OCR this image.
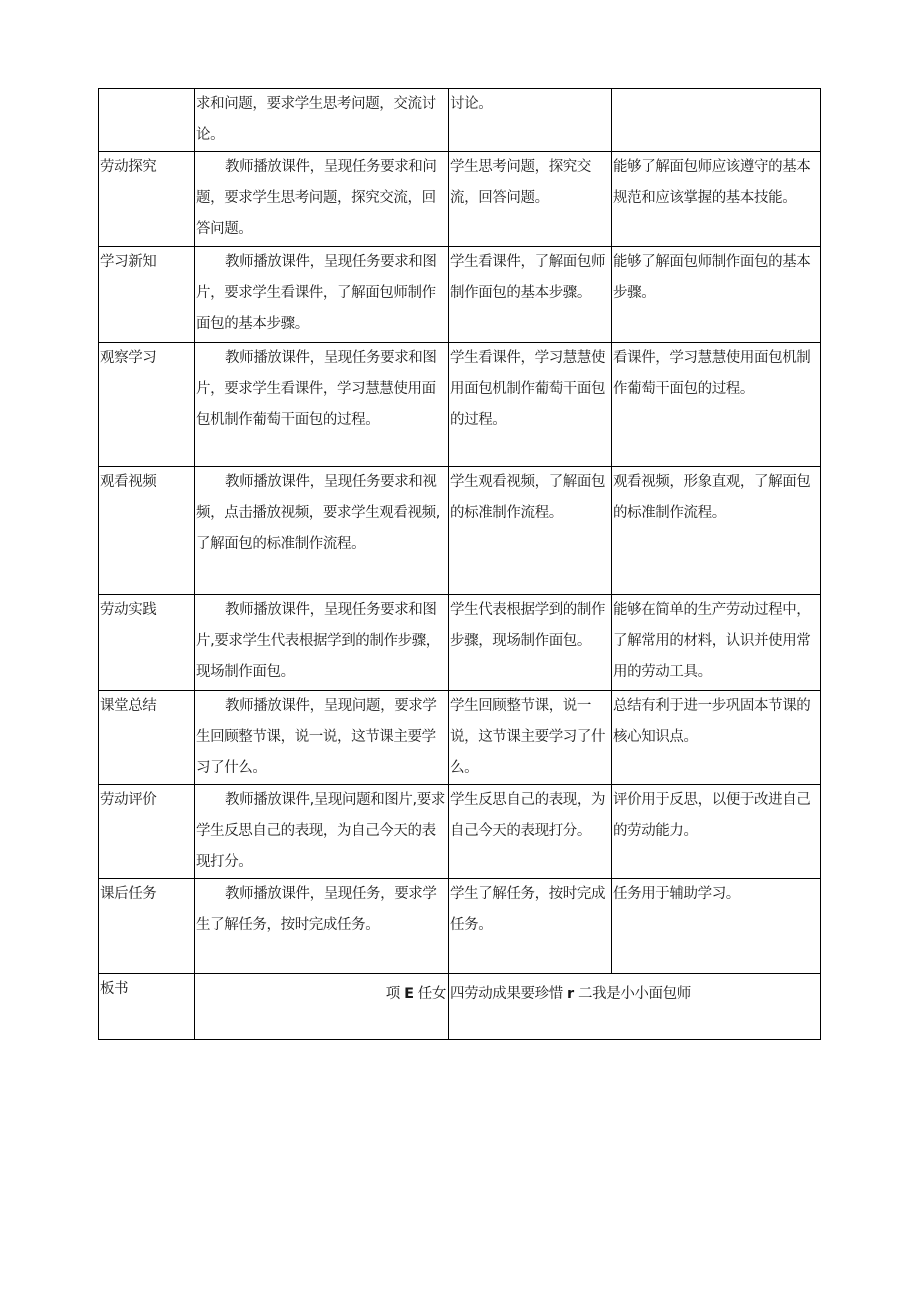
	求和问题，要求学生思考问题，交流讨论。	讨论。	
劳动探究	教师播放课件，呈现任务要求和问题，要求学生思考问题，探究交流，回答问题。	学生思考问题，探究交流，回答问题。	能够了解面包师应该遵守的基本规范和应该掌握的基本技能。
学习新知	教师播放课件，呈现任务要求和图片，要求学生看课件，了解面包师制作面包的基本步骤。	学生看课件，了解面包师制作面包的基本步骤。	能够了解面包师制作面包的基本步骤。
观察学习	教师播放课件，呈现任务要求和图片，要求学生看课件，学习慧慧使用面包机制作葡萄干面包的过程。	学生看课件，学习慧慧使用面包机制作葡萄干面包的过程。	看课件，学习慧慧使用面包机制作葡萄干面包的过程。
观看视频	教师播放课件，呈现任务要求和视频，点击播放视频，要求学生观看视频,了解面包的标准制作流程。	学生观看视频，了解面包的标准制作流程。	观看视频，形象直观，了解面包的标准制作流程。
劳动实践	教师播放课件，呈现任务要求和图片,要求学生代表根据学到的制作步骤，现场制作面包。	学生代表根据学到的制作步骤，现场制作面包。	能够在简单的生产劳动过程中，了解常用的材料，认识并使用常用的劳动工具。
课堂总结	教师播放课件，呈现问题，要求学生回顾整节课，说一说，这节课主要学习了什么。	学生回顾整节课，说一说，这节课主要学习了什么。	总结有利于进一步巩固本节课的核心知识点。
劳动评价	教师播放课件,呈现问题和图片,要求学生反思自己的表现，为自己今天的表现打分。	学生反思自己的表现，为自己今天的表现打分。	评价用于反思，以便于改进自己的劳动能力。
课后任务	教师播放课件，呈现任务，要求学生了解任务，按时完成任务。	学生了解任务，按时完成任务。	任务用于辅助学习。
板书	项 E 任女	四劳动成果要珍惜 r 二我是小小面包师	
